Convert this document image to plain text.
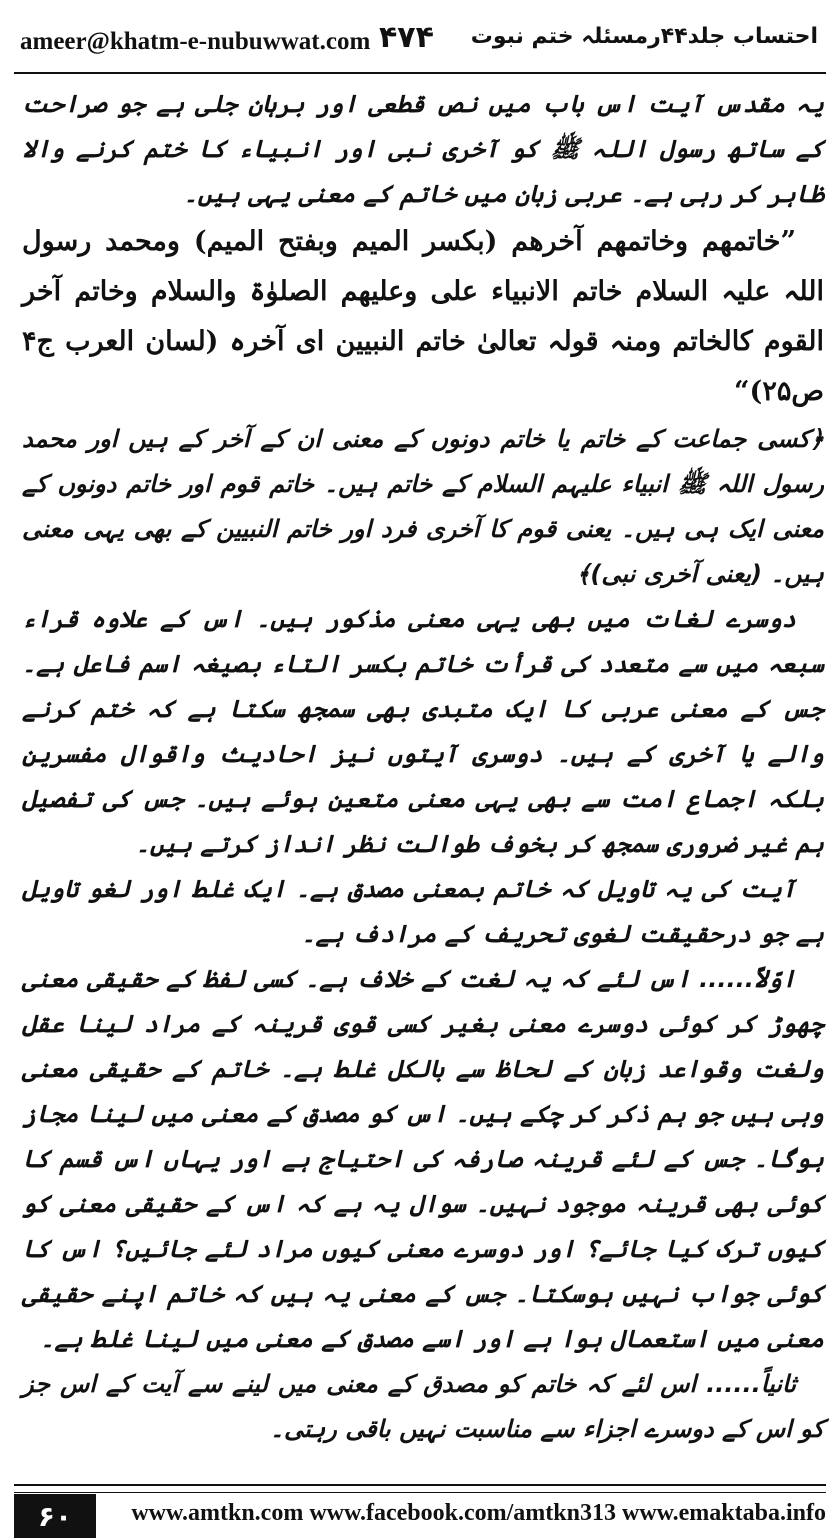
ameer@khatm-e-nubuwwat.com ۴۷۴ احتساب جلد۴۴رمسئلہ ختم نبوت

یہ مقدس آیت اس باب میں نص قطعی اور برہان جلی ہے جو صراحت کے ساتھ رسول اللہ ﷺ کو آخری نبی اور انبیاء کا ختم کرنے والا ظاہر کر رہی ہے۔ عربی زبان میں خاتم کے معنی یہی ہیں۔

”خاتمھم وخاتمھم آخرھم (بکسر المیم وبفتح المیم) ومحمد رسول اللہ علیہ السلام خاتم الانبیاء علی وعلیھم الصلوٰۃ والسلام وخاتم آخر القوم کالخاتم ومنہ قولہ تعالیٰ خاتم النبیین ای آخرہ (لسان العرب ج۴ ص۲۵)“

﴿کسی جماعت کے خاتم یا خاتم دونوں کے معنی ان کے آخر کے ہیں اور محمد رسول اللہ ﷺ انبیاء علیہم السلام کے خاتم ہیں۔ خاتم قوم اور خاتم دونوں کے معنی ایک ہی ہیں۔ یعنی قوم کا آخری فرد اور خاتم النبیین کے بھی یہی معنی ہیں۔ (یعنی آخری نبی)﴾

دوسرے لغات میں بھی یہی معنی مذکور ہیں۔ اس کے علاوہ قراء سبعہ میں سے متعدد کی قرأت خاتم بکسر التاء بصیغہ اسم فاعل ہے۔ جس کے معنی عربی کا ایک متبدی بھی سمجھ سکتا ہے کہ ختم کرنے والے یا آخری کے ہیں۔ دوسری آیتوں نیز احادیث واقوال مفسرین بلکہ اجماع امت سے بھی یہی معنی متعین ہوئے ہیں۔ جس کی تفصیل ہم غیر ضروری سمجھ کر بخوف طوالت نظر انداز کرتے ہیں۔

آیت کی یہ تاویل کہ خاتم بمعنی مصدق ہے۔ ایک غلط اور لغو تاویل ہے جو درحقیقت لغوی تحریف کے مرادف ہے۔

اوّلاً...... اس لئے کہ یہ لغت کے خلاف ہے۔ کسی لفظ کے حقیقی معنی چھوڑ کر کوئی دوسرے معنی بغیر کسی قوی قرینہ کے مراد لینا عقل ولغت وقواعد زبان کے لحاظ سے بالکل غلط ہے۔ خاتم کے حقیقی معنی وہی ہیں جو ہم ذکر کر چکے ہیں۔ اس کو مصدق کے معنی میں لینا مجاز ہوگا۔ جس کے لئے قرینہ صارفہ کی احتیاج ہے اور یہاں اس قسم کا کوئی بھی قرینہ موجود نہیں۔ سوال یہ ہے کہ اس کے حقیقی معنی کو کیوں ترک کیا جائے؟ اور دوسرے معنی کیوں مراد لئے جائیں؟ اس کا کوئی جواب نہیں ہوسکتا۔ جس کے معنی یہ ہیں کہ خاتم اپنے حقیقی معنی میں استعمال ہوا ہے اور اسے مصدق کے معنی میں لینا غلط ہے۔

ثانیاً...... اس لئے کہ خاتم کو مصدق کے معنی میں لینے سے آیت کے اس جز کو اس کے دوسرے اجزاء سے مناسبت نہیں باقی رہتی۔

۶۰	www.amtkn.com www.facebook.com/amtkn313 www.emaktaba.info
